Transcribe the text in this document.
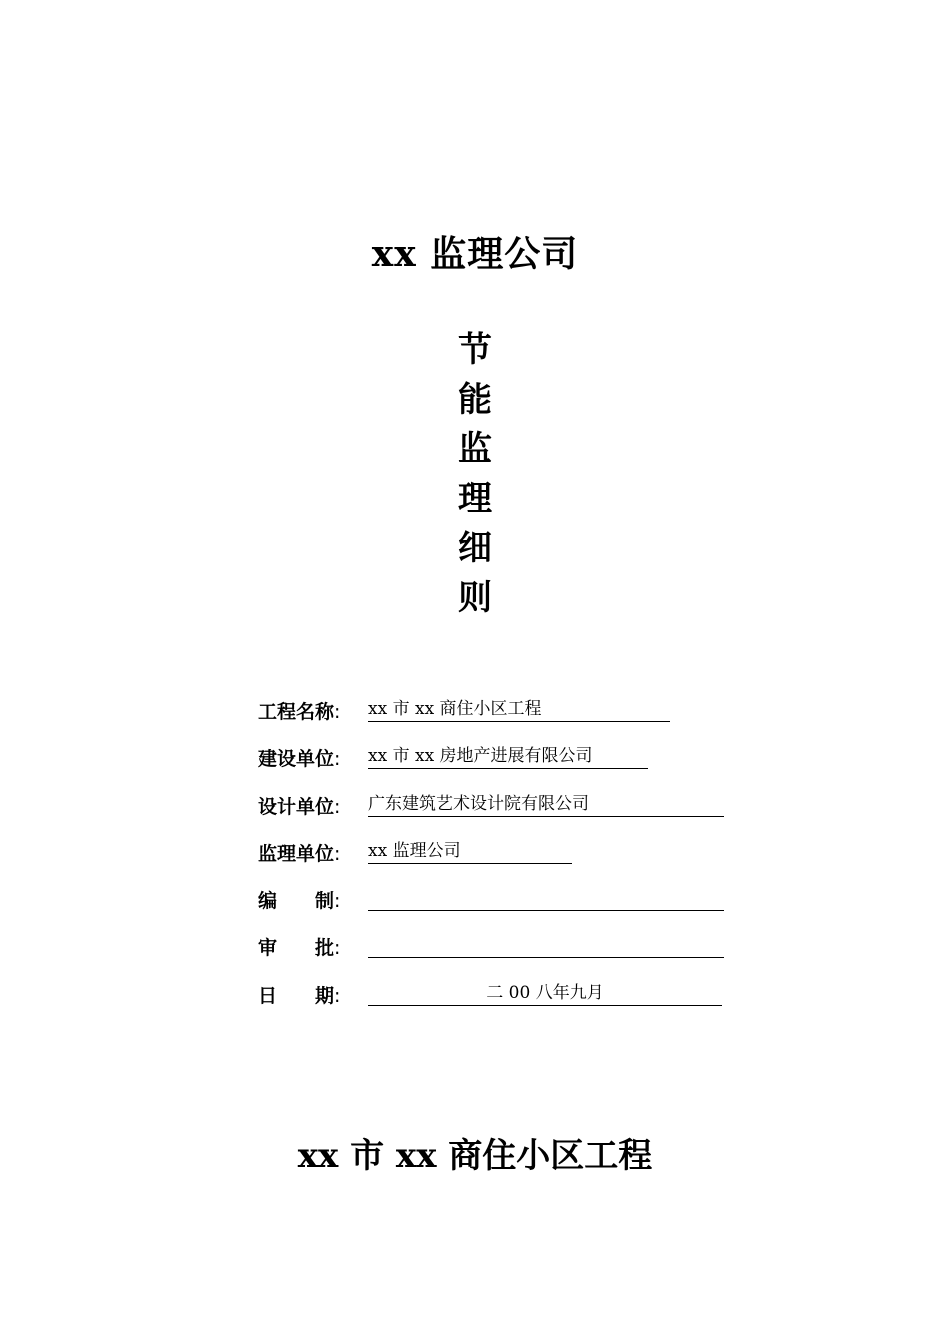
xx 监理公司
节
能
监
理
细
则
工程名称: xx 市 xx 商住小区工程
建设单位: xx 市 xx 房地产进展有限公司
设计单位: 广东建筑艺术设计院有限公司
监理单位: xx 监理公司
编　　制:
审　　批:
日　　期:	二 00 八年九月
xx 市 xx 商住小区工程
